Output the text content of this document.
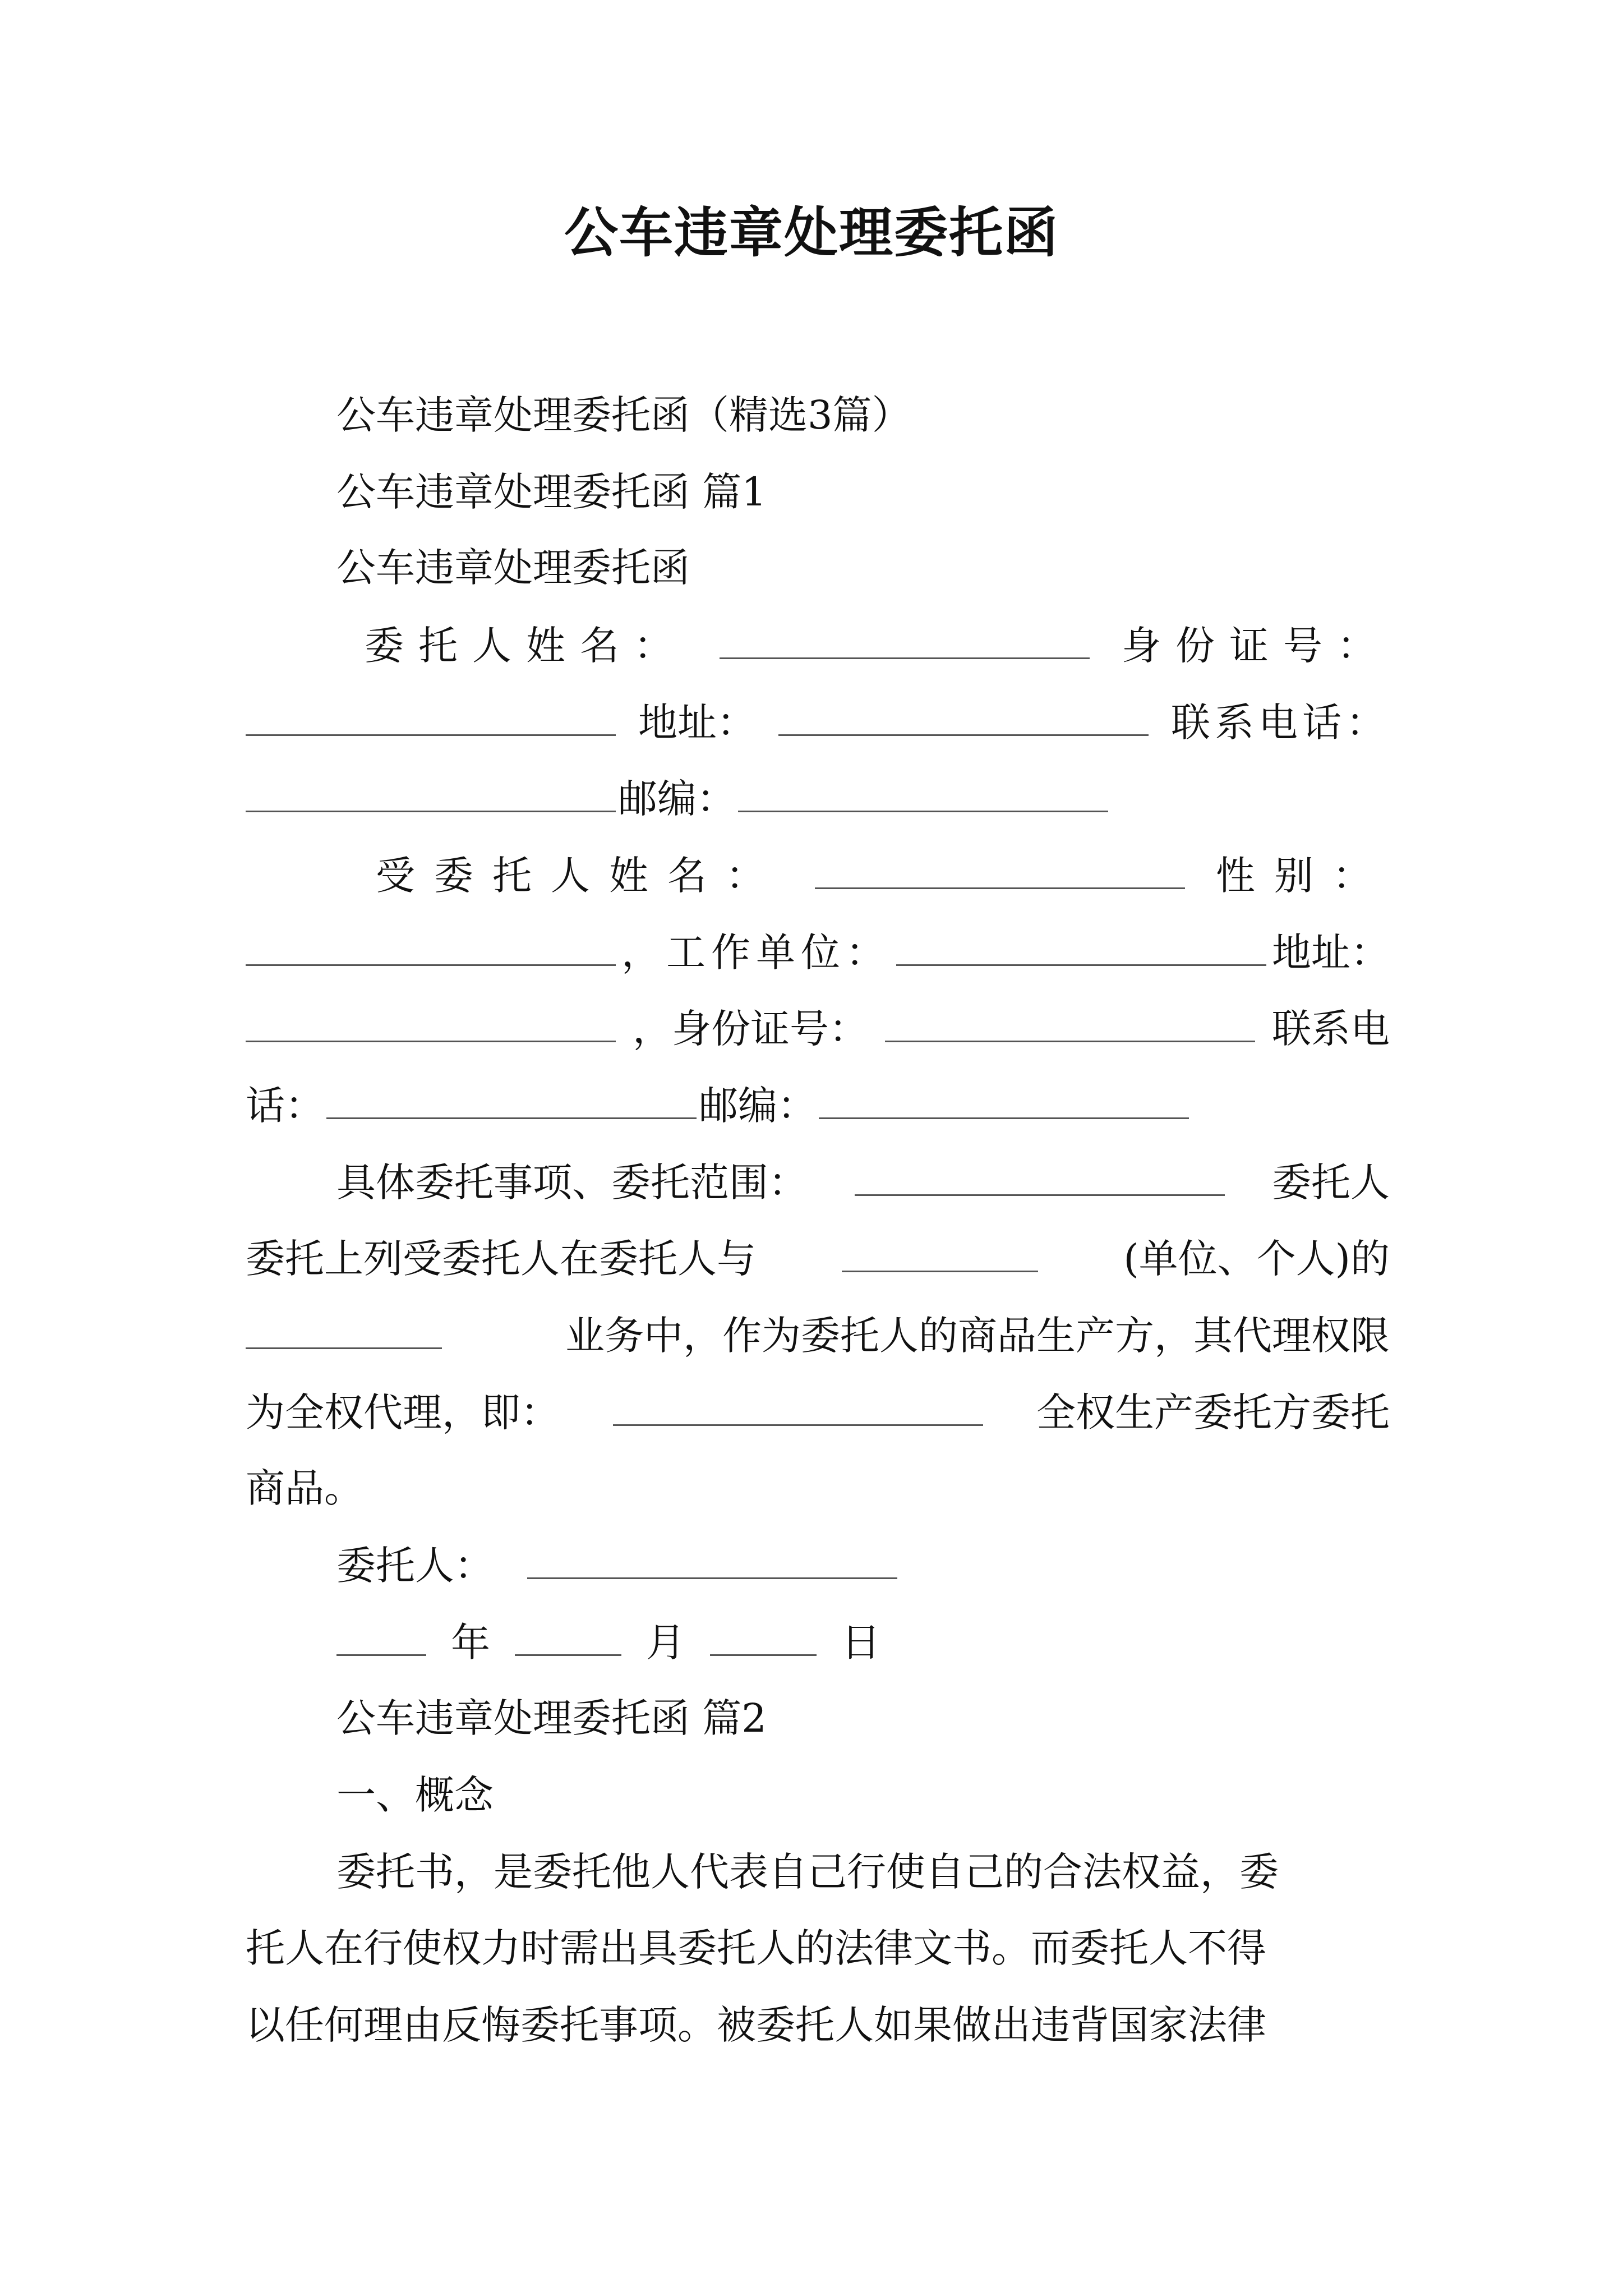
公车违章处理委托函
公车违章处理委托函（精选3篇）
公车违章处理委托函 篇1
公车违章处理委托函
委托人姓名：	身份证号：
地址：	联系电话：
邮编：
受委托人姓名：	性别：
，工作单位：	地址：
，身份证号：	联系电
话：	邮编：
具体委托事项、委托范围：	委托人
委托上列受委托人在委托人与	(单位、个人)的
业务中，作为委托人的商品生产方，其代理权限
为全权代理，即：	全权生产委托方委托
商品。
委托人：
年	月	日
公车违章处理委托函 篇2
一、概念
委托书，是委托他人代表自己行使自己的合法权益，委
托人在行使权力时需出具委托人的法律文书。而委托人不得
以任何理由反悔委托事项。被委托人如果做出违背国家法律
